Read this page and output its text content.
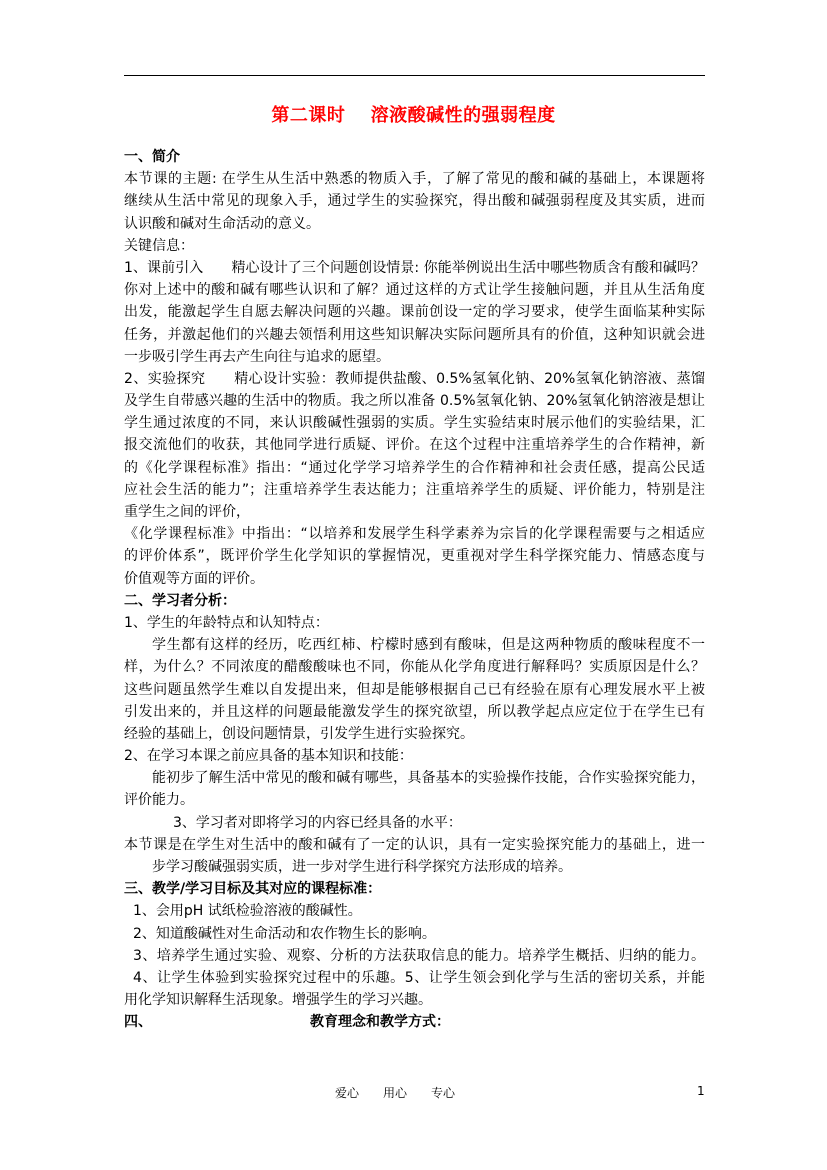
第二课时　 溶液酸碱性的强弱程度
一、简介
本节课的主题: 在学生从生活中熟悉的物质入手，了解了常见的酸和碱的基础上，本课题将
继续从生活中常见的现象入手，通过学生的实验探究，得出酸和碱强弱程度及其实质，进而
认识酸和碱对生命活动的意义。
关键信息：
1、课前引入　　精心设计了三个问题创设情景: 你能举例说出生活中哪些物质含有酸和碱吗？
你对上述中的酸和碱有哪些认识和了解？通过这样的方式让学生接触问题，并且从生活角度
出发，能激起学生自愿去解决问题的兴趣。课前创设一定的学习要求，使学生面临某种实际
任务，并激起他们的兴趣去领悟利用这些知识解决实际问题所具有的价值，这种知识就会进
一步吸引学生再去产生向往与追求的愿望。
2、实验探究　　精心设计实验：教师提供盐酸、0.5%氢氧化钠、20%氢氧化钠溶液、蒸馏
及学生自带感兴趣的生活中的物质。我之所以准备 0.5%氢氧化钠、20%氢氧化钠溶液是想让
学生通过浓度的不同，来认识酸碱性强弱的实质。学生实验结束时展示他们的实验结果，汇
报交流他们的收获，其他同学进行质疑、评价。在这个过程中注重培养学生的合作精神，新
的《化学课程标准》指出：“通过化学学习培养学生的合作精神和社会责任感，提高公民适
应社会生活的能力”；注重培养学生表达能力；注重培养学生的质疑、评价能力，特别是注
重学生之间的评价，
《化学课程标准》中指出：“以培养和发展学生科学素养为宗旨的化学课程需要与之相适应
的评价体系”，既评价学生化学知识的掌握情况，更重视对学生科学探究能力、情感态度与
价值观等方面的评价。
二、学习者分析：
1、学生的年龄特点和认知特点：
学生都有这样的经历，吃西红柿、柠檬时感到有酸味，但是这两种物质的酸味程度不一
样，为什么？不同浓度的醋酸酸味也不同，你能从化学角度进行解释吗？实质原因是什么？
这些问题虽然学生难以自发提出来，但却是能够根据自己已有经验在原有心理发展水平上被
引发出来的，并且这样的问题最能激发学生的探究欲望，所以教学起点应定位于在学生已有
经验的基础上，创设问题情景，引发学生进行实验探究。
2、在学习本课之前应具备的基本知识和技能：
能初步了解生活中常见的酸和碱有哪些，具备基本的实验操作技能，合作实验探究能力，
评价能力。
3、学习者对即将学习的内容已经具备的水平：
本节课是在学生对生活中的酸和碱有了一定的认识，具有一定实验探究能力的基础上，进一
步学习酸碱强弱实质，进一步对学生进行科学探究方法形成的培养。
三、教学/学习目标及其对应的课程标准：
1、会用pH 试纸检验溶液的酸碱性。
2、知道酸碱性对生命活动和农作物生长的影响。
3、培养学生通过实验、观察、分析的方法获取信息的能力。培养学生概括、归纳的能力。
4、让学生体验到实验探究过程中的乐趣。5、让学生领会到化学与生活的密切关系，并能
用化学知识解释生活现象。增强学生的学习兴趣。
四、	教育理念和教学方式：
爱心　　用心　　专心	1
